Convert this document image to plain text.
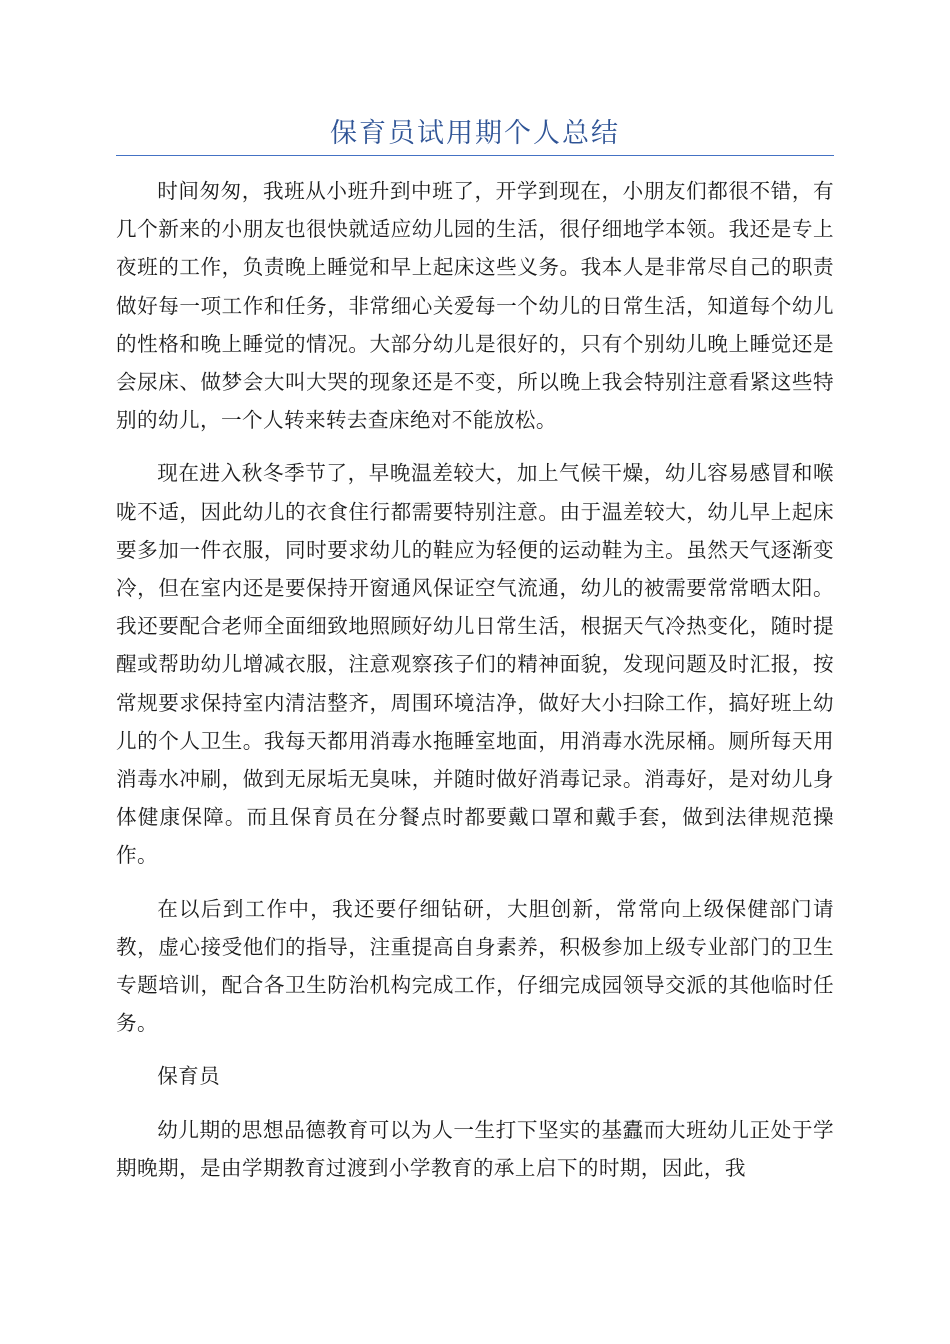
保育员试用期个人总结

时间匆匆，我班从小班升到中班了，开学到现在，小朋友们都很不错，有几个新来的小朋友也很快就适应幼儿园的生活，很仔细地学本领。我还是专上夜班的工作，负责晚上睡觉和早上起床这些义务。我本人是非常尽自己的职责做好每一项工作和任务，非常细心关爱每一个幼儿的日常生活，知道每个幼儿的性格和晚上睡觉的情况。大部分幼儿是很好的，只有个别幼儿晚上睡觉还是会尿床、做梦会大叫大哭的现象还是不变，所以晚上我会特别注意看紧这些特别的幼儿，一个人转来转去查床绝对不能放松。

现在进入秋冬季节了，早晚温差较大，加上气候干燥，幼儿容易感冒和喉咙不适，因此幼儿的衣食住行都需要特别注意。由于温差较大，幼儿早上起床要多加一件衣服，同时要求幼儿的鞋应为轻便的运动鞋为主。虽然天气逐渐变冷，但在室内还是要保持开窗通风保证空气流通，幼儿的被需要常常晒太阳。我还要配合老师全面细致地照顾好幼儿日常生活，根据天气冷热变化，随时提醒或帮助幼儿增减衣服，注意观察孩子们的精神面貌，发现问题及时汇报，按常规要求保持室内清洁整齐，周围环境洁净，做好大小扫除工作，搞好班上幼儿的个人卫生。我每天都用消毒水拖睡室地面，用消毒水洗尿桶。厕所每天用消毒水冲刷，做到无尿垢无臭味，并随时做好消毒记录。消毒好，是对幼儿身体健康保障。而且保育员在分餐点时都要戴口罩和戴手套，做到法律规范操作。

在以后到工作中，我还要仔细钻研，大胆创新，常常向上级保健部门请教，虚心接受他们的指导，注重提高自身素养，积极参加上级专业部门的卫生专题培训，配合各卫生防治机构完成工作，仔细完成园领导交派的其他临时任务。

保育员

幼儿期的思想品德教育可以为人一生打下坚实的基蠹而大班幼儿正处于学期晚期，是由学期教育过渡到小学教育的承上启下的时期，因此，我
